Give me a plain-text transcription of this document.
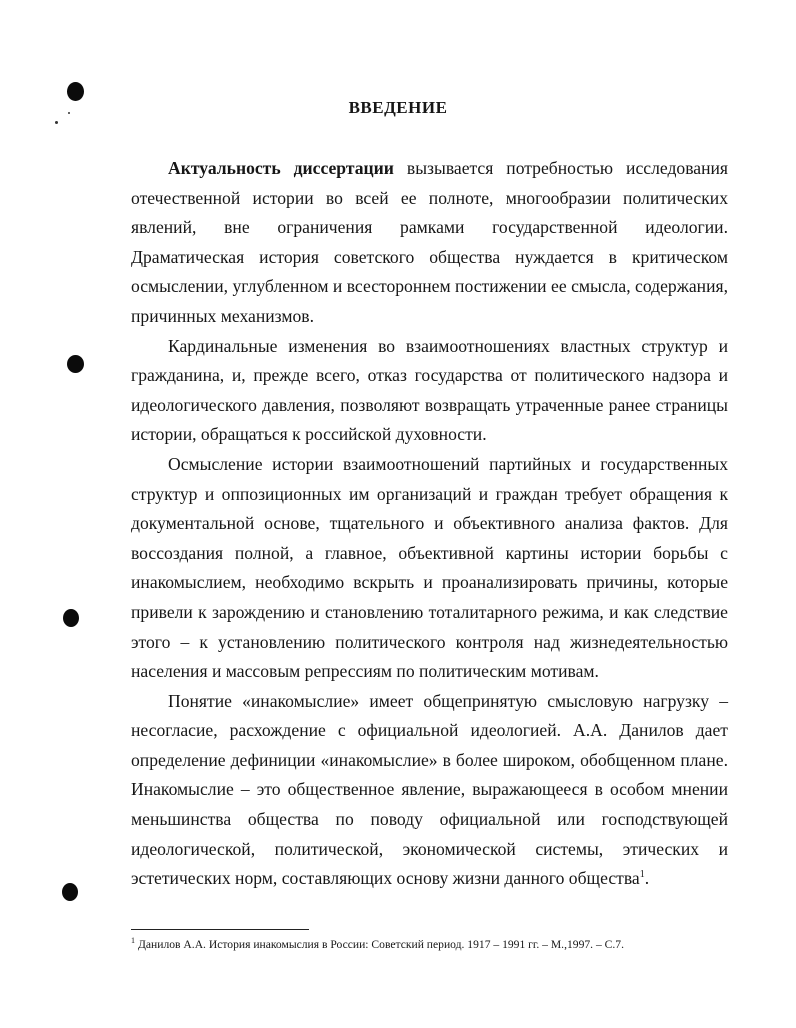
ВВЕДЕНИЕ

Актуальность диссертации вызывается потребностью исследования отечественной истории во всей ее полноте, многообразии политических явлений, вне ограничения рамками государственной идеологии. Драматическая история советского общества нуждается в критическом осмыслении, углубленном и всестороннем постижении ее смысла, содержания, причинных механизмов.

Кардинальные изменения во взаимоотношениях властных структур и гражданина, и, прежде всего, отказ государства от политического надзора и идеологического давления, позволяют возвращать утраченные ранее страницы истории, обращаться к российской духовности.

Осмысление истории взаимоотношений партийных и государственных структур и оппозиционных им организаций и граждан требует обращения к документальной основе, тщательного и объективного анализа фактов. Для воссоздания полной, а главное, объективной картины истории борьбы с инакомыслием, необходимо вскрыть и проанализировать причины, которые привели к зарождению и становлению тоталитарного режима, и как следствие этого – к установлению политического контроля над жизнедеятельностью населения и массовым репрессиям по политическим мотивам.

Понятие «инакомыслие» имеет общепринятую смысловую нагрузку – несогласие, расхождение с официальной идеологией. А.А. Данилов дает определение дефиниции «инакомыслие» в более широком, обобщенном плане. Инакомыслие – это общественное явление, выражающееся в особом мнении меньшинства общества по поводу официальной или господствующей идеологической, политической, экономической системы, этических и эстетических норм, составляющих основу жизни данного общества$^1$.

$^1$ Данилов А.А. История инакомыслия в России: Советский период. 1917 – 1991 гг. – М.,1997. – С.7.
